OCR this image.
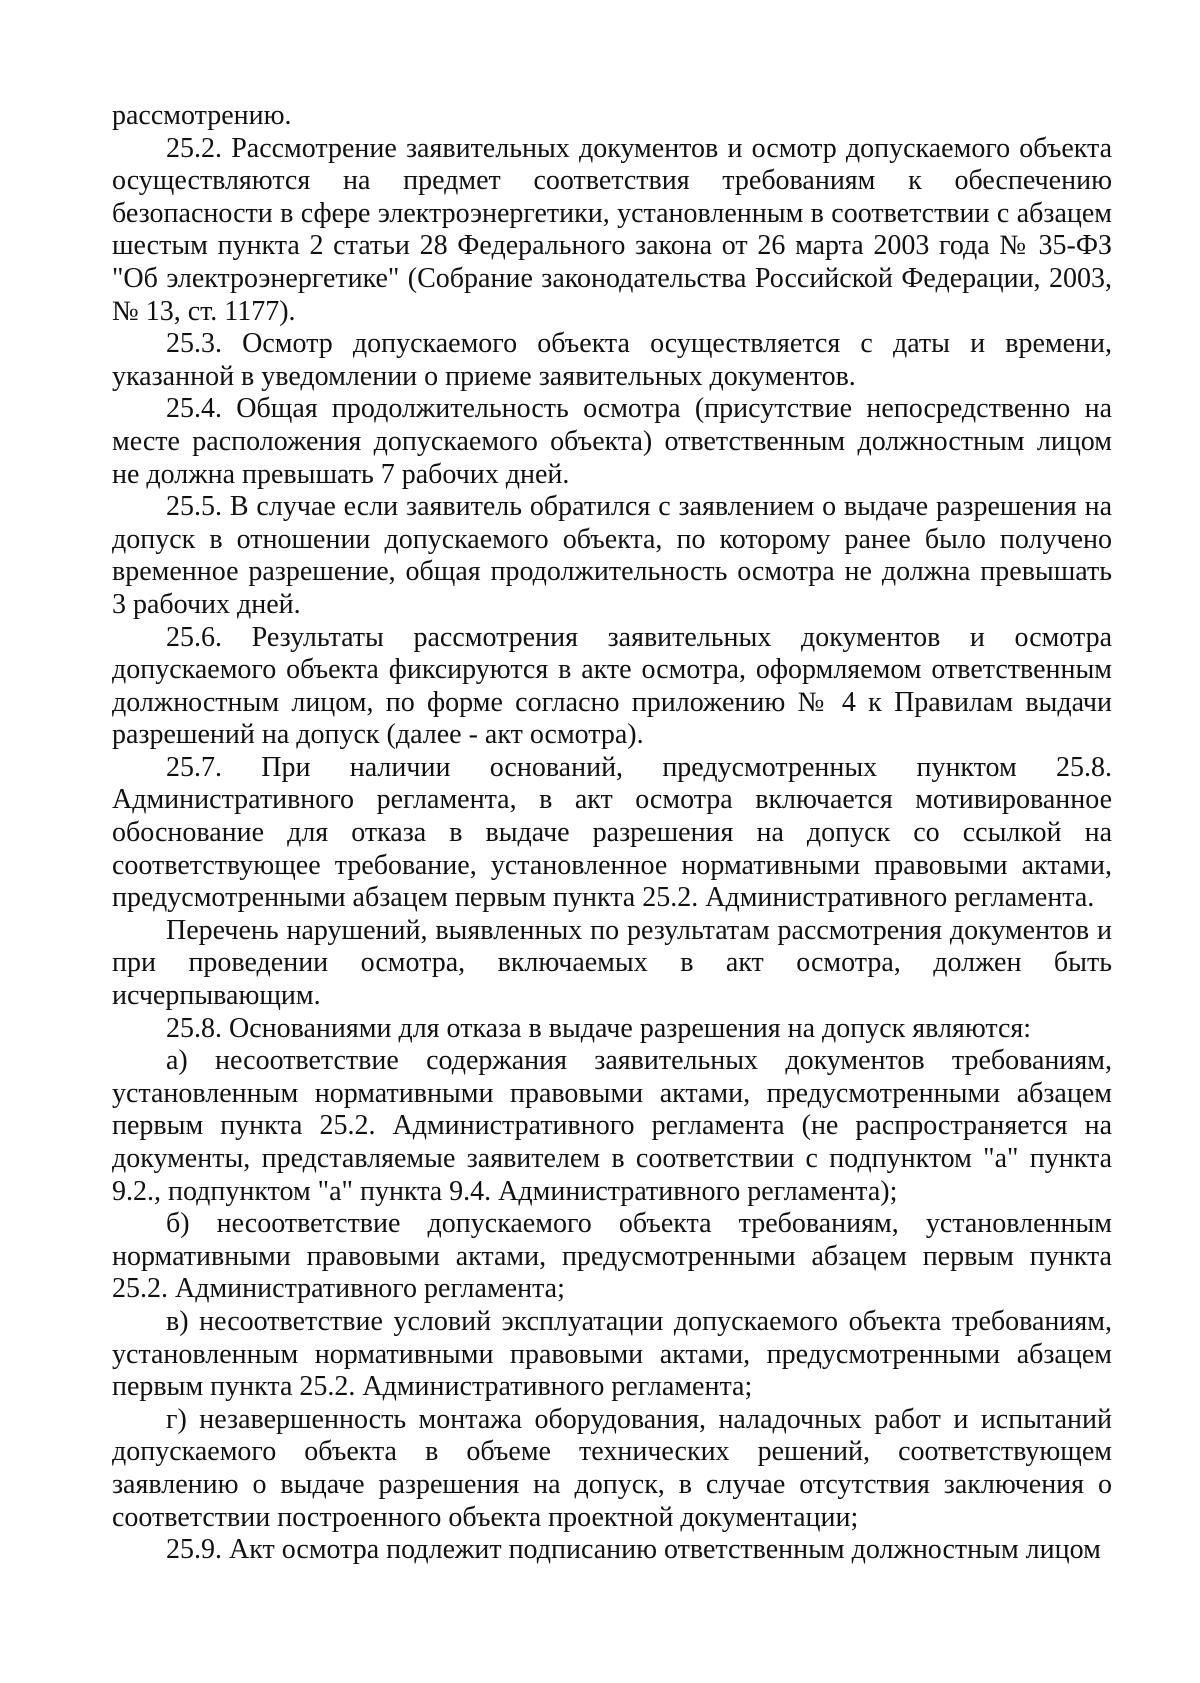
рассмотрению.

25.2. Рассмотрение заявительных документов и осмотр допускаемого объекта осуществляются на предмет соответствия требованиям к обеспечению безопасности в сфере электроэнергетики, установленным в соответствии с абзацем шестым пункта 2 статьи 28 Федерального закона от 26 марта 2003 года № 35-ФЗ "Об электроэнергетике" (Собрание законодательства Российской Федерации, 2003, № 13, ст. 1177).

25.3. Осмотр допускаемого объекта осуществляется с даты и времени, указанной в уведомлении о приеме заявительных документов.

25.4. Общая продолжительность осмотра (присутствие непосредственно на месте расположения допускаемого объекта) ответственным должностным лицом не должна превышать 7 рабочих дней.

25.5. В случае если заявитель обратился с заявлением о выдаче разрешения на допуск в отношении допускаемого объекта, по которому ранее было получено временное разрешение, общая продолжительность осмотра не должна превышать 3 рабочих дней.

25.6. Результаты рассмотрения заявительных документов и осмотра допускаемого объекта фиксируются в акте осмотра, оформляемом ответственным должностным лицом, по форме согласно приложению № 4 к Правилам выдачи разрешений на допуск (далее - акт осмотра).

25.7. При наличии оснований, предусмотренных пунктом 25.8. Административного регламента, в акт осмотра включается мотивированное обоснование для отказа в выдаче разрешения на допуск со ссылкой на соответствующее требование, установленное нормативными правовыми актами, предусмотренными абзацем первым пункта 25.2. Административного регламента.

Перечень нарушений, выявленных по результатам рассмотрения документов и при проведении осмотра, включаемых в акт осмотра, должен быть исчерпывающим.

25.8. Основаниями для отказа в выдаче разрешения на допуск являются:

а) несоответствие содержания заявительных документов требованиям, установленным нормативными правовыми актами, предусмотренными абзацем первым пункта 25.2. Административного регламента (не распространяется на документы, представляемые заявителем в соответствии с подпунктом "а" пункта 9.2., подпунктом "а" пункта 9.4. Административного регламента);

б) несоответствие допускаемого объекта требованиям, установленным нормативными правовыми актами, предусмотренными абзацем первым пункта 25.2. Административного регламента;

в) несоответствие условий эксплуатации допускаемого объекта требованиям, установленным нормативными правовыми актами, предусмотренными абзацем первым пункта 25.2. Административного регламента;

г) незавершенность монтажа оборудования, наладочных работ и испытаний допускаемого объекта в объеме технических решений, соответствующем заявлению о выдаче разрешения на допуск, в случае отсутствия заключения о соответствии построенного объекта проектной документации;

25.9. Акт осмотра подлежит подписанию ответственным должностным лицом
